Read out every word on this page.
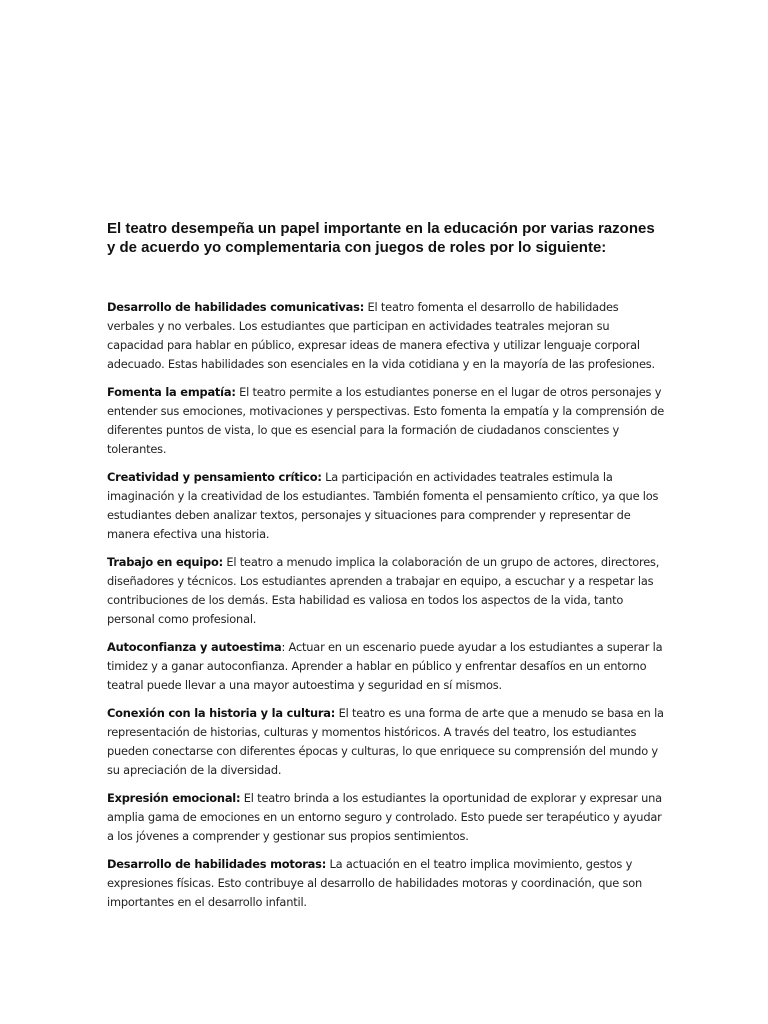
El teatro desempeña un papel importante en la educación por varias razones y de acuerdo yo complementaria con juegos de roles por lo siguiente:

Desarrollo de habilidades comunicativas: El teatro fomenta el desarrollo de habilidades verbales y no verbales. Los estudiantes que participan en actividades teatrales mejoran su capacidad para hablar en público, expresar ideas de manera efectiva y utilizar lenguaje corporal adecuado. Estas habilidades son esenciales en la vida cotidiana y en la mayoría de las profesiones.

Fomenta la empatía: El teatro permite a los estudiantes ponerse en el lugar de otros personajes y entender sus emociones, motivaciones y perspectivas. Esto fomenta la empatía y la comprensión de diferentes puntos de vista, lo que es esencial para la formación de ciudadanos conscientes y tolerantes.

Creatividad y pensamiento crítico: La participación en actividades teatrales estimula la imaginación y la creatividad de los estudiantes. También fomenta el pensamiento crítico, ya que los estudiantes deben analizar textos, personajes y situaciones para comprender y representar de manera efectiva una historia.

Trabajo en equipo: El teatro a menudo implica la colaboración de un grupo de actores, directores, diseñadores y técnicos. Los estudiantes aprenden a trabajar en equipo, a escuchar y a respetar las contribuciones de los demás. Esta habilidad es valiosa en todos los aspectos de la vida, tanto personal como profesional.

Autoconfianza y autoestima: Actuar en un escenario puede ayudar a los estudiantes a superar la timidez y a ganar autoconfianza. Aprender a hablar en público y enfrentar desafíos en un entorno teatral puede llevar a una mayor autoestima y seguridad en sí mismos.

Conexión con la historia y la cultura: El teatro es una forma de arte que a menudo se basa en la representación de historias, culturas y momentos históricos. A través del teatro, los estudiantes pueden conectarse con diferentes épocas y culturas, lo que enriquece su comprensión del mundo y su apreciación de la diversidad.

Expresión emocional: El teatro brinda a los estudiantes la oportunidad de explorar y expresar una amplia gama de emociones en un entorno seguro y controlado. Esto puede ser terapéutico y ayudar a los jóvenes a comprender y gestionar sus propios sentimientos.

Desarrollo de habilidades motoras: La actuación en el teatro implica movimiento, gestos y expresiones físicas. Esto contribuye al desarrollo de habilidades motoras y coordinación, que son importantes en el desarrollo infantil.
